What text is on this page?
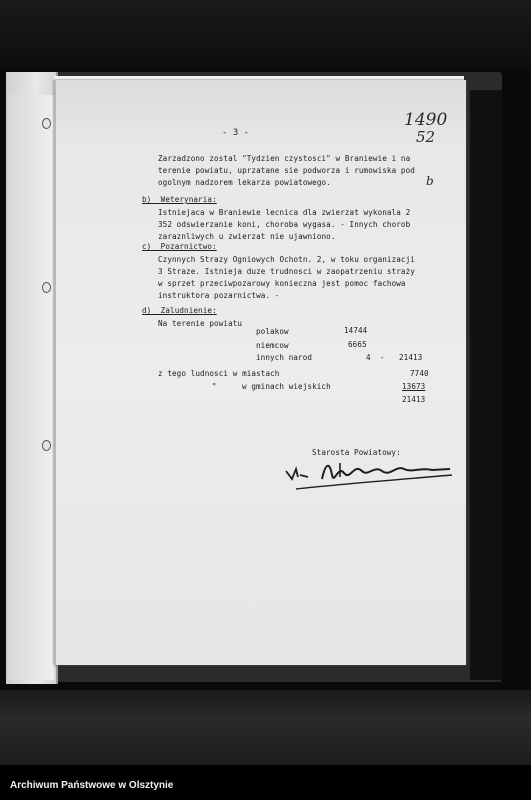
1490
52
b
- 3 -
Zarzadzono zostal "Tydzien czystosci" w Braniewie i na
terenie powiatu, uprzatane sie podworza i rumowiska pod
ogolnym nadzorem lekarza powiatowego.
b)  Weterynaria:
Istniejaca w Braniewie lecnica dla zwierzat wykonala 2
352 odswierzanie koni, choroba wygasa. - Innych chorob
zaraznliwych u zwierzat nie ujawniono.
c)  Pozarnictwo:
Czynnych Strazy Ogniowych Ochotn. 2, w toku organizacji
3 Straze. Istnieja duze trudnosci w zaopatrzeniu straży
w sprzet przeciwpozarowy konieczna jest pomoc fachowa
instruktora pozarnictwa. -
d)  Zaludnienie:
Na terenie powiatu
polakow	14744
niemcow	6665
innych narod	4  - 21413
z tego ludnosci w miastach	7740
"	w gminach wiejskich	13673
21413
Starosta Powiatowy:
Archiwum Państwowe w Olsztynie
